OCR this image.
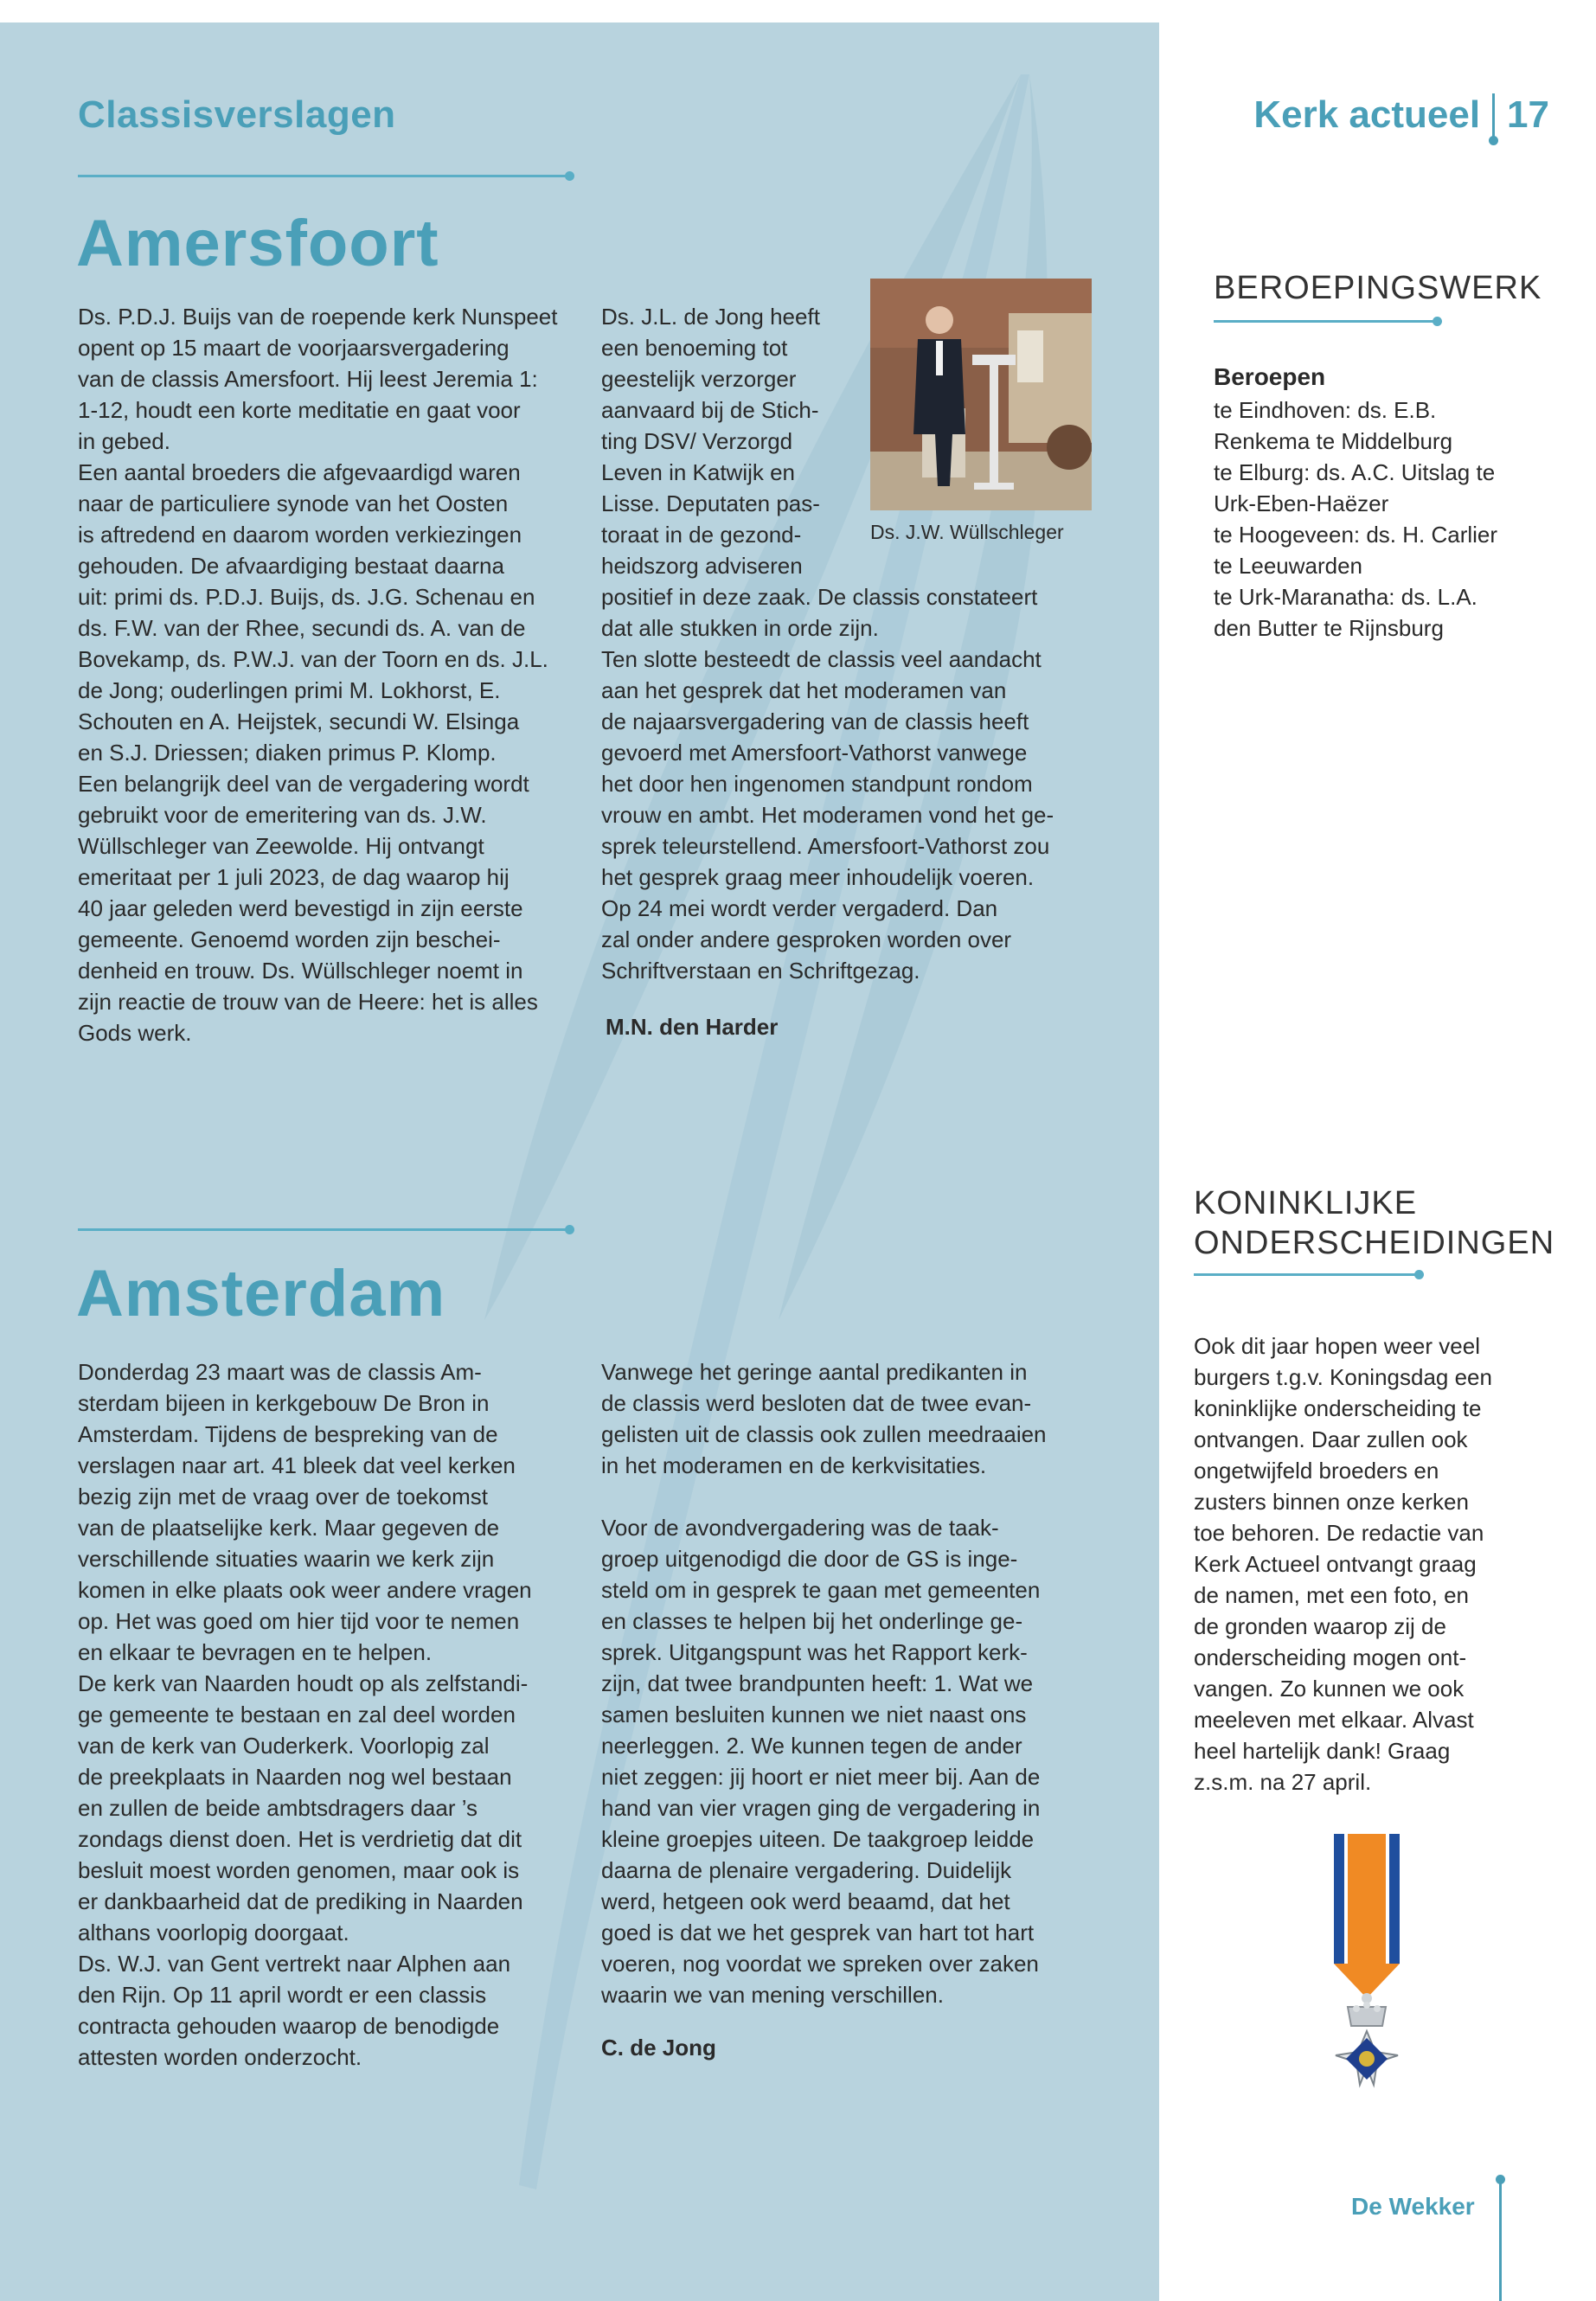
Classisverslagen	Kerk actueel 17
Amersfoort
Ds. P.D.J. Buijs van de roepende kerk Nunspeet
opent op 15 maart de voorjaarsvergadering
van de classis Amersfoort. Hij leest Jeremia 1:
1-12, houdt een korte meditatie en gaat voor
in gebed.
Een aantal broeders die afgevaardigd waren
naar de particuliere synode van het Oosten
is aftredend en daarom worden verkiezingen
gehouden. De afvaardiging bestaat daarna
uit: primi ds. P.D.J. Buijs, ds. J.G. Schenau en
ds. F.W. van der Rhee, secundi ds. A. van de
Bovekamp, ds. P.W.J. van der Toorn en ds. J.L.
de Jong; ouderlingen primi M. Lokhorst, E.
Schouten en A. Heijstek, secundi W. Elsinga
en S.J. Driessen; diaken primus P. Klomp.
Een belangrijk deel van de vergadering wordt
gebruikt voor de emeritering van ds. J.W.
Wüllschleger van Zeewolde. Hij ontvangt
emeritaat per 1 juli 2023, de dag waarop hij
40 jaar geleden werd bevestigd in zijn eerste
gemeente. Genoemd worden zijn beschei-
denheid en trouw. Ds. Wüllschleger noemt in
zijn reactie de trouw van de Heere: het is alles
Gods werk.
Ds. J.L. de Jong heeft
een benoeming tot
geestelijk verzorger
aanvaard bij de Stich-
ting DSV/ Verzorgd
Leven in Katwijk en
Lisse. Deputaten pas-
toraat in de gezond-
heidszorg adviseren
positief in deze zaak. De classis constateert
dat alle stukken in orde zijn.
Ten slotte besteedt de classis veel aandacht
aan het gesprek dat het moderamen van
de najaarsvergadering van de classis heeft
gevoerd met Amersfoort-Vathorst vanwege
het door hen ingenomen standpunt rondom
vrouw en ambt. Het moderamen vond het ge-
sprek teleurstellend. Amersfoort-Vathorst zou
het gesprek graag meer inhoudelijk voeren.
Op 24 mei wordt verder vergaderd. Dan
zal onder andere gesproken worden over
Schriftverstaan en Schriftgezag.
Ds. J.W. Wüllschleger
M.N. den Harder
Amsterdam
Donderdag 23 maart was de classis Am-
sterdam bijeen in kerkgebouw De Bron in
Amsterdam. Tijdens de bespreking van de
verslagen naar art. 41 bleek dat veel kerken
bezig zijn met de vraag over de toekomst
van de plaatselijke kerk. Maar gegeven de
verschillende situaties waarin we kerk zijn
komen in elke plaats ook weer andere vragen
op. Het was goed om hier tijd voor te nemen
en elkaar te bevragen en te helpen.
De kerk van Naarden houdt op als zelfstandi-
ge gemeente te bestaan en zal deel worden
van de kerk van Ouderkerk. Voorlopig zal
de preekplaats in Naarden nog wel bestaan
en zullen de beide ambtsdragers daar ’s
zondags dienst doen. Het is verdrietig dat dit
besluit moest worden genomen, maar ook is
er dankbaarheid dat de prediking in Naarden
althans voorlopig doorgaat.
Ds. W.J. van Gent vertrekt naar Alphen aan
den Rijn. Op 11 april wordt er een classis
contracta gehouden waarop de benodigde
attesten worden onderzocht.
Vanwege het geringe aantal predikanten in
de classis werd besloten dat de twee evan-
gelisten uit de classis ook zullen meedraaien
in het moderamen en de kerkvisitaties.

Voor de avondvergadering was de taak-
groep uitgenodigd die door de GS is inge-
steld om in gesprek te gaan met gemeenten
en classes te helpen bij het onderlinge ge-
sprek. Uitgangspunt was het Rapport kerk-
zijn, dat twee brandpunten heeft: 1. Wat we
samen besluiten kunnen we niet naast ons
neerleggen. 2. We kunnen tegen de ander
niet zeggen: jij hoort er niet meer bij. Aan de
hand van vier vragen ging de vergadering in
kleine groepjes uiteen. De taakgroep leidde
daarna de plenaire vergadering. Duidelijk
werd, hetgeen ook werd beaamd, dat het
goed is dat we het gesprek van hart tot hart
voeren, nog voordat we spreken over zaken
waarin we van mening verschillen.
C. de Jong
BEROEPINGSWERK
Beroepen
te Eindhoven: ds. E.B.
Renkema te Middelburg
te Elburg: ds. A.C. Uitslag te
Urk-Eben-Haëzer
te Hoogeveen: ds. H. Carlier
te Leeuwarden
te Urk-Maranatha: ds. L.A.
den Butter te Rijnsburg
KONINKLIJKE
ONDERSCHEIDINGEN
Ook dit jaar hopen weer veel
burgers t.g.v. Koningsdag een
koninklijke onderscheiding te
ontvangen. Daar zullen ook
ongetwijfeld broeders en
zusters binnen onze kerken
toe behoren. De redactie van
Kerk Actueel ontvangt graag
de namen, met een foto, en
de gronden waarop zij de
onderscheiding mogen ont-
vangen. Zo kunnen we ook
meeleven met elkaar. Alvast
heel hartelijk dank! Graag
z.s.m. na 27 april.
De Wekker
